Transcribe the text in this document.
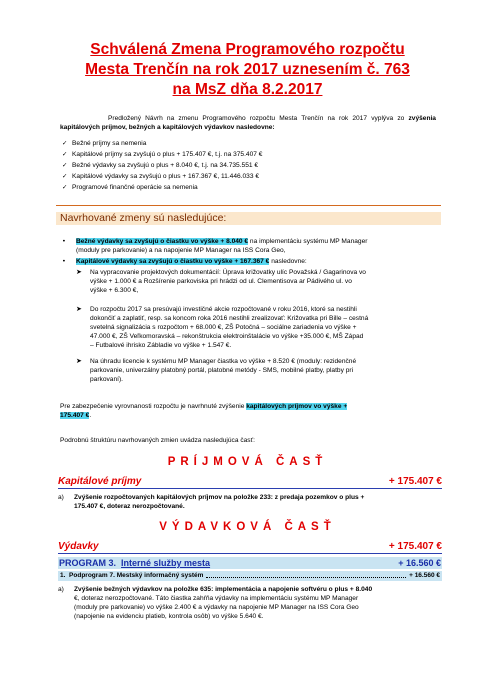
Schválená Zmena Programového rozpočtu
Mesta Trenčín na rok 2017 uznesením č. 763
na MsZ dňa 8.2.2017
Predložený Návrh na zmenu Programového rozpočtu Mesta Trenčín na rok 2017 vyplýva zo zvýšenia kapitálových príjmov, bežných a kapitálových výdavkov nasledovne:
✓ Bežné príjmy sa nemenia
✓ Kapitálové príjmy sa zvyšujú o plus + 175.407 €, t.j. na 375.407 €
✓ Bežné výdavky sa zvyšujú o plus + 8.040 €, t.j. na 34.735.551 €
✓ Kapitálové výdavky sa zvyšujú o plus + 167.367 €, 11.446.033 €
✓ Programové finančné operácie sa nemenia
Navrhované zmeny sú nasledujúce:
• Bežné výdavky sa zvyšujú o čiastku vo výške + 8.040 € na implementáciu systému MP Manager
(moduly pre parkovanie) a na napojenie MP Manager na ISS Cora Geo,
• Kapitálové výdavky sa zvyšujú o čiastku vo výške + 167.367 € nasledovne:
➤ Na vypracovanie projektových dokumentácií: Úprava križovatky ulíc Považská / Gagarinova vo
výške + 1.000 € a Rozšírenie parkoviska pri hrádzi od ul. Clementisova ar Pádivého ul. vo
výške + 6.300 €,
➤ Do rozpočtu 2017 sa presúvajú investičné akcie rozpočtované v roku 2016, ktoré sa nestihli
dokončiť a zaplatiť, resp. sa koncom roka 2016 nestihli zrealizovať: Križovatka pri Bille – cestná
svetelná signalizácia s rozpočtom + 68.000 €, ZŠ Potočná – sociálne zariadenia vo výške +
47.000 €, ZŠ Veľkomoravská – rekonštrukcia elektroinštalácie vo výške +35.000 €, MŠ Západ
– Futbalové ihrisko Zábladie vo výške + 1.547 €.
➤ Na úhradu licencie k systému MP Manager čiastka vo výške + 8.520 € (moduly: rezidenčné
parkovanie, univerzálny platobný portál, platobné metódy - SMS, mobilné platby, platby pri
parkovaní).
Pre zabezpečenie vyrovnanosti rozpočtu je navrhnuté zvýšenie kapitálových príjmov vo výške +
175.407 €.
Podrobnú štruktúru navrhovaných zmien uvádza nasledujúca časť:
PRÍJMOVÁ ČASŤ
Kapitálové príjmy	+ 175.407 €
a)	Zvýšenie rozpočtovaných kapitálových príjmov na položke 233: z predaja pozemkov o plus +
175.407 €, doteraz nerozpočtované.
VÝDAVKOVÁ ČASŤ
Výdavky	+ 175.407 €
PROGRAM 3. Interné služby mesta	+ 16.560 €
1. Podprogram 7. Mestský informačný systém	+ 16.560 €
a)	Zvýšenie bežných výdavkov na položke 635: implementácia a napojenie softvéru o plus + 8.040
€, doteraz nerozpočtované. Táto čiastka zahŕňa výdavky na implementáciu systému MP Manager
(moduly pre parkovanie) vo výške 2.400 € a výdavky na napojenie MP Manager na ISS Cora Geo
(napojenie na evidenciu platieb, kontrola osôb) vo výške 5.640 €.
